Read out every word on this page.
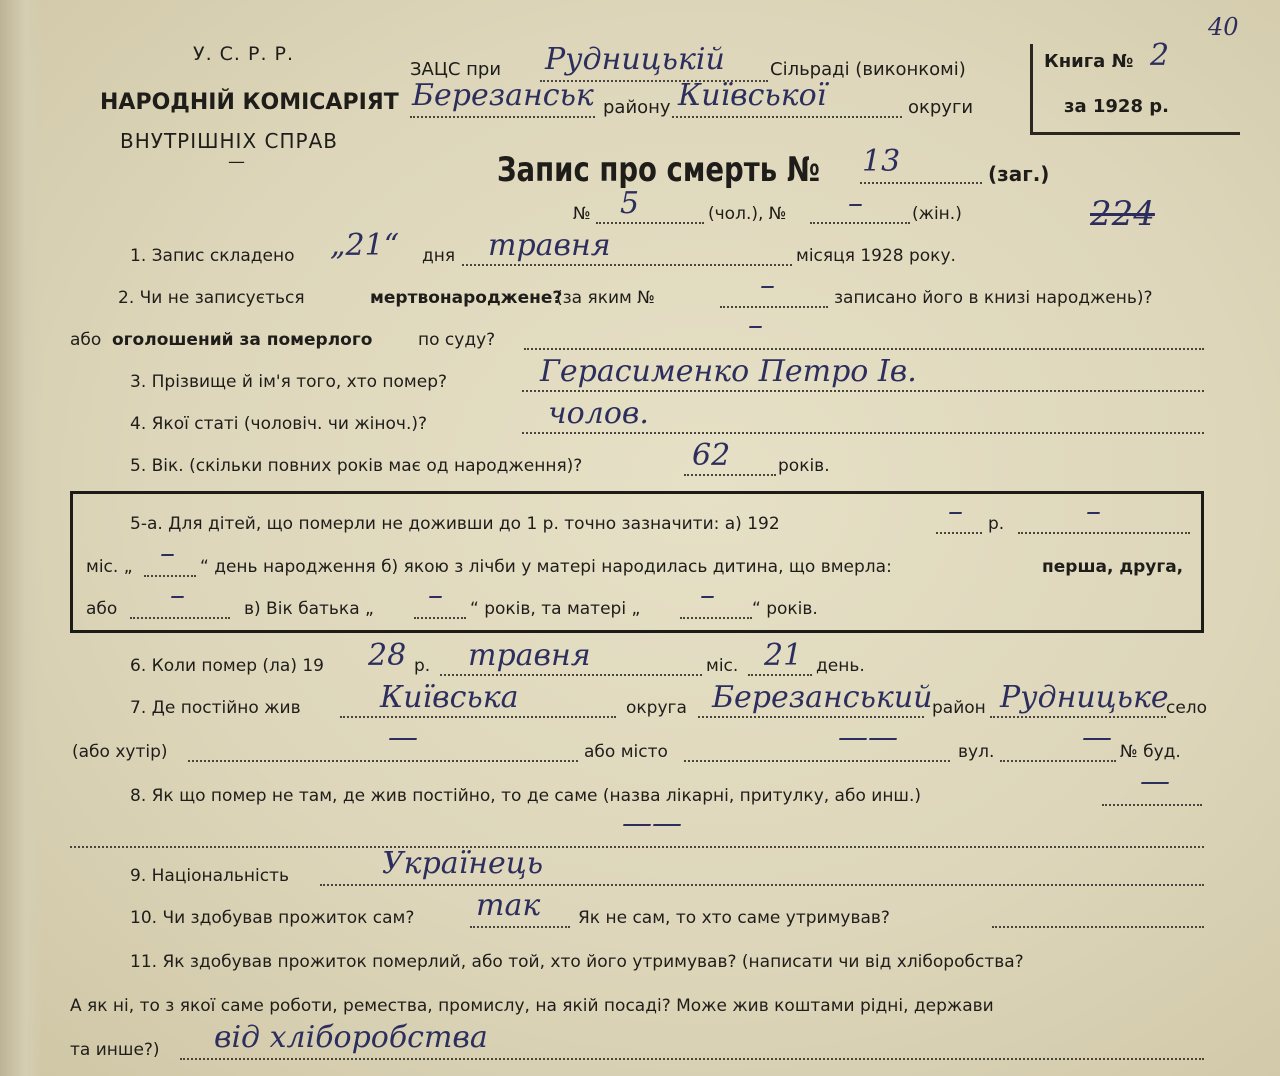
У. С. Р. Р.
НАРОДНІЙ КОМІСАРІЯТ
ВНУТРІШНІХ СПРАВ
—
ЗАЦС при Рудницькій	Сільраді (виконкомі)
Березанськ району Київської	округи
Книга № 2
за 1928 р.
40
Запис про смерть № 13	(заг.)
№ 5	(чол.), № –	(жін.)	224
1. Запис складено „21“ дня травня	місяця 1928 року.
2. Чи не записується	мертвонароджене?
(за яким №	–	записано його в книзі народжень)?
або оголошений за померлого	по суду?	–
3. Прізвище й ім'я того, хто помер?	Герасименко Петро Ів.
4. Якої статі (чоловіч. чи жіноч.)?	чолов.
5. Вік. (скільки повних років має од народження)?	62	років.
5-а. Для дітей, що померли не доживши до 1 р. точно зазначити: а) 192	– р.	–
міс. „ – “ день народження б) якою з лічби у матері народилась дитина, що вмерла:	перша, друга,
або –	в) Вік батька „ – “ років, та матері „ – “ років.
6. Коли помер (ла) 19 28 р. травня	міс. 21 день.
7. Де постійно жив	Київська	округа Березанський район Рудницьке
село
(або хутір)	—	або місто	——	вул.	— № буд.
8. Як що помер не там, де жив постійно, то де саме (назва лікарні, притулку, або инш.)	—
——
9. Національність	Українець
10. Чи здобував прожиток сам? так Як не сам, то хто саме утримував?
11. Як здобував прожиток померлий, або той, хто його утримував? (написати чи від хліборобства?
А як ні, то з якої саме роботи, ремества, промислу, на якій посаді? Може жив коштами рідні, держави
та инше?) від хліборобства
